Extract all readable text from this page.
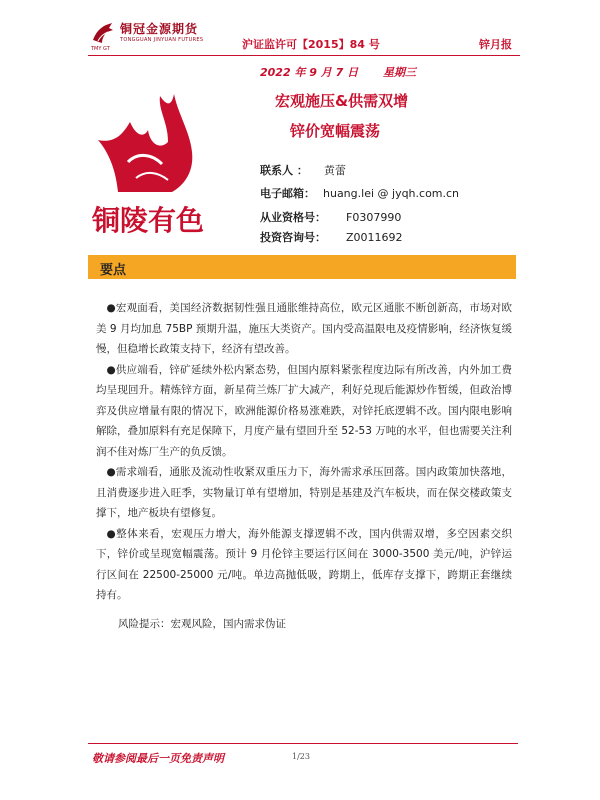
铜冠金源期货
TONGGUAN JINYUAN FUTURES
TMY GT	沪证监许可【2015】84 号	锌月报
2022 年 9 月 7 日 星期三
宏观施压&供需双增
锌价宽幅震荡
铜陵有色
联系人 ： 黄蕾
电子邮箱： huang.lei @ jyqh.com.cn
从业资格号： F0307990
投资咨询号： Z0011692
要点

●宏观面看，美国经济数据韧性强且通胀维持高位，欧元区通胀不断创新高，市场对欧美 9 月均加息 75BP 预期升温，施压大类资产。国内受高温限电及疫情影响，经济恢复缓慢，但稳增长政策支持下，经济有望改善。

●供应端看，锌矿延续外松内紧态势，但国内原料紧张程度边际有所改善，内外加工费均呈现回升。精炼锌方面，新星荷兰炼厂扩大减产，利好兑现后能源炒作暂缓，但政治博弈及供应增量有限的情况下，欧洲能源价格易涨难跌，对锌托底逻辑不改。国内限电影响解除，叠加原料有充足保障下，月度产量有望回升至 52-53 万吨的水平，但也需要关注利润不佳对炼厂生产的负反馈。

●需求端看，通胀及流动性收紧双重压力下，海外需求承压回落。国内政策加快落地，且消费逐步进入旺季，实物量订单有望增加，特别是基建及汽车板块，而在保交楼政策支撑下，地产板块有望修复。

●整体来看，宏观压力增大，海外能源支撑逻辑不改，国内供需双增，多空因素交织下，锌价或呈现宽幅震荡。预计 9 月伦锌主要运行区间在 3000-3500 美元/吨，沪锌运行区间在 22500-25000 元/吨。单边高抛低吸，跨期上，低库存支撑下，跨期正套继续持有。

风险提示：宏观风险，国内需求伪证
敬请参阅最后一页免责声明	1/23
